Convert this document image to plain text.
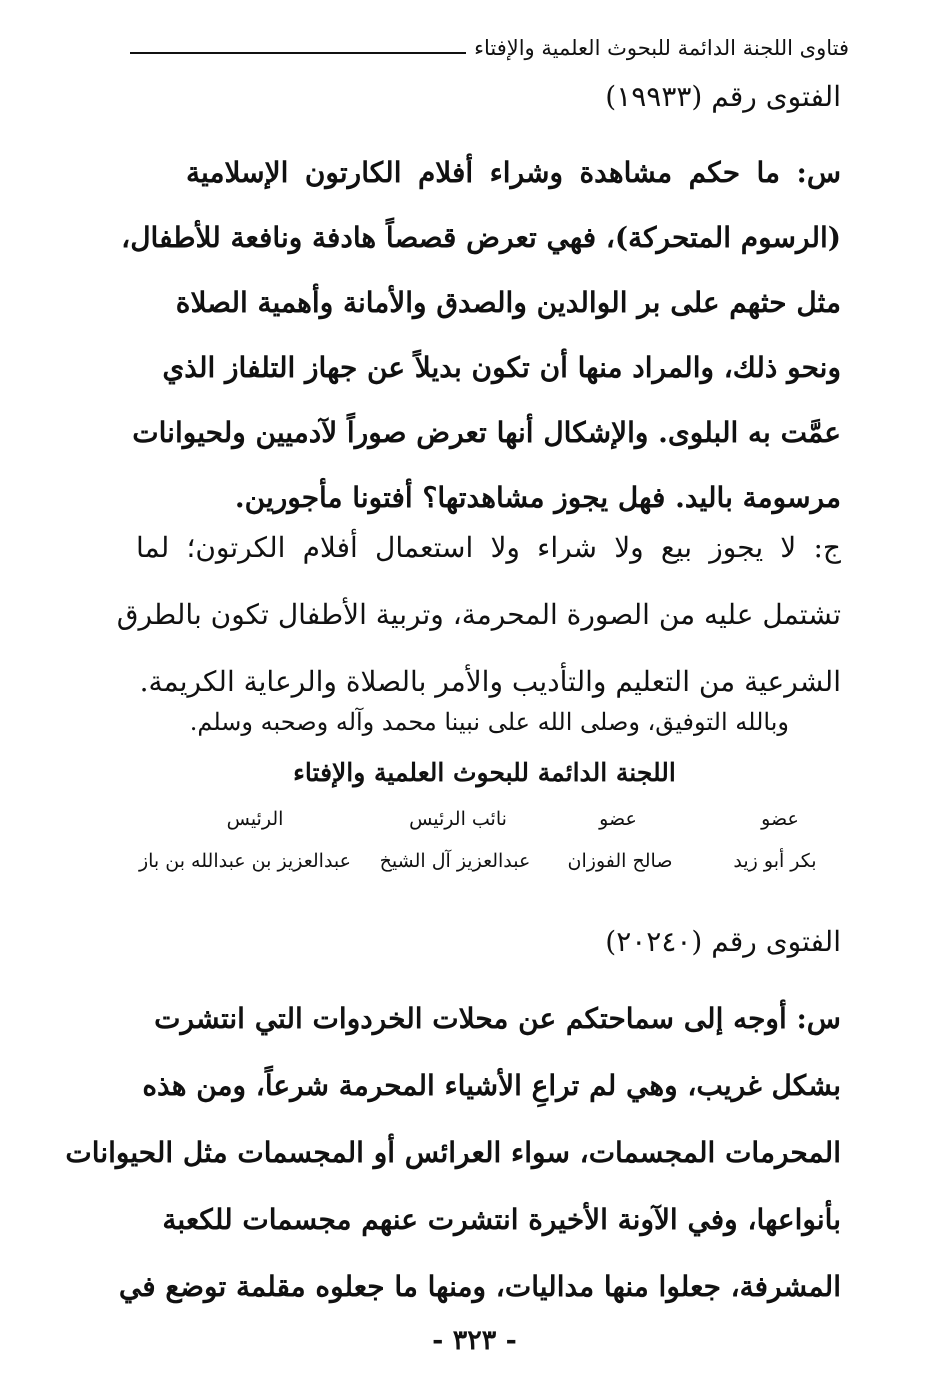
فتاوى اللجنة الدائمة للبحوث العلمية والإفتاء
الفتوى رقم (١٩٩٣٣)
س: ما حكم مشاهدة وشراء أفلام الكارتون الإسلامية
(الرسوم المتحركة)، فهي تعرض قصصاً هادفة ونافعة للأطفال،
مثل حثهم على بر الوالدين والصدق والأمانة وأهمية الصلاة
ونحو ذلك، والمراد منها أن تكون بديلاً عن جهاز التلفاز الذي
عمَّت به البلوى. والإشكال أنها تعرض صوراً لآدميين ولحيوانات
مرسومة باليد. فهل يجوز مشاهدتها؟ أفتونا مأجورين.
ج: لا يجوز بيع ولا شراء ولا استعمال أفلام الكرتون؛ لما
تشتمل عليه من الصورة المحرمة، وتربية الأطفال تكون بالطرق
الشرعية من التعليم والتأديب والأمر بالصلاة والرعاية الكريمة.
وبالله التوفيق، وصلى الله على نبينا محمد وآله وصحبه وسلم.
اللجنة الدائمة للبحوث العلمية والإفتاء
عضو
عضو
نائب الرئيس
الرئيس
بكر أبو زيد
صالح الفوزان
عبدالعزيز آل الشيخ
عبدالعزيز بن عبدالله بن باز
الفتوى رقم (٢٠٢٤٠)
س: أوجه إلى سماحتكم عن محلات الخردوات التي انتشرت
بشكل غريب، وهي لم تراعِ الأشياء المحرمة شرعاً، ومن هذه
المحرمات المجسمات، سواء العرائس أو المجسمات مثل الحيوانات
بأنواعها، وفي الآونة الأخيرة انتشرت عنهم مجسمات للكعبة
المشرفة، جعلوا منها مداليات، ومنها ما جعلوه مقلمة توضع في
- ٣٢٣ -
